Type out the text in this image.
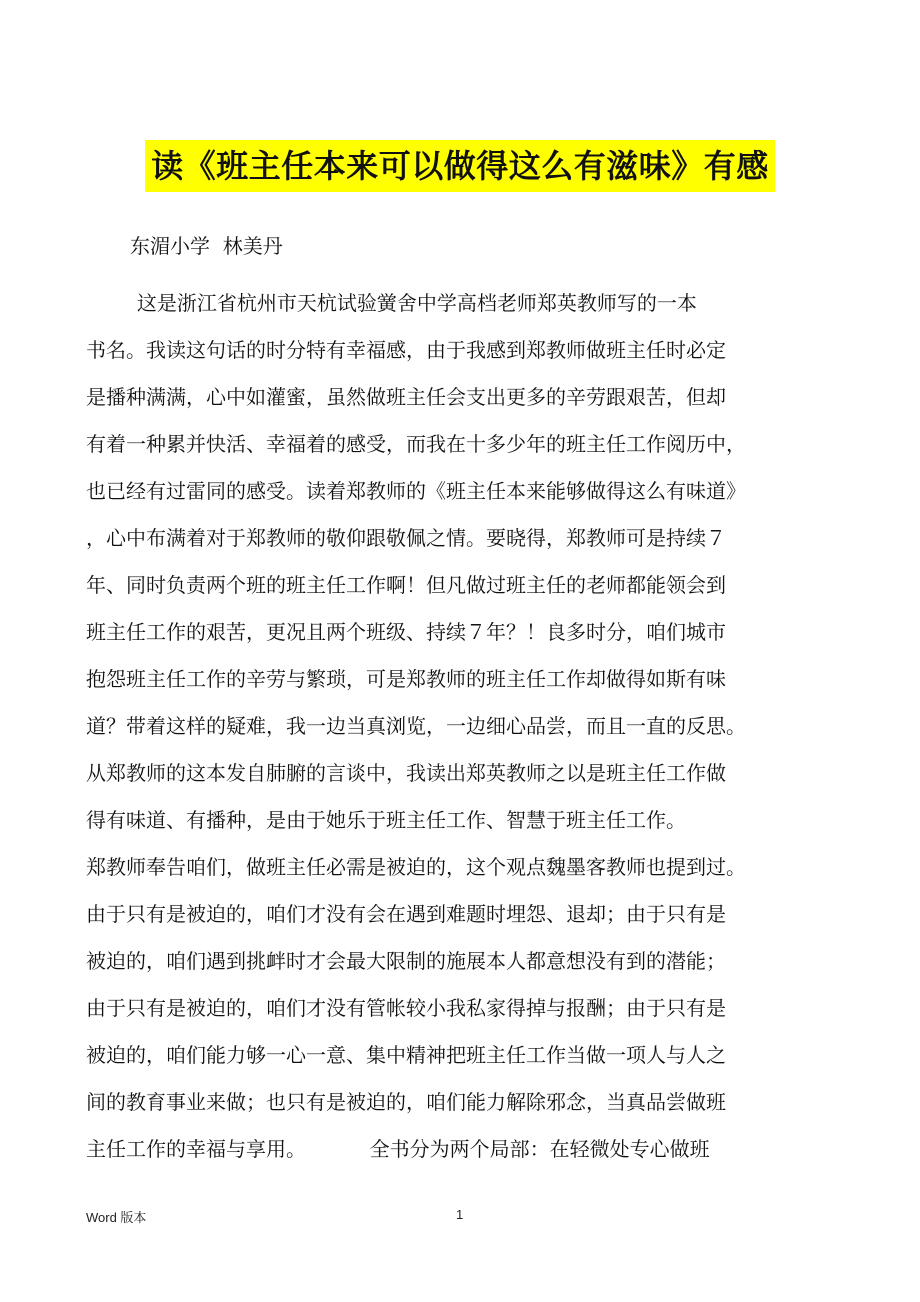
读《班主任本来可以做得这么有滋味》有感
东湄小学  林美丹
这是浙江省杭州市天杭试验黉舍中学高档老师郑英教师写的一本
书名。我读这句话的时分特有幸福感，由于我感到郑教师做班主任时必定
是播种满满，心中如灌蜜，虽然做班主任会支出更多的辛劳跟艰苦，但却
有着一种累并快活、幸福着的感受，而我在十多少年的班主任工作阅历中，
也已经有过雷同的感受。读着郑教师的《班主任本来能够做得这么有味道》
，心中布满着对于郑教师的敬仰跟敬佩之情。要晓得，郑教师可是持续７
年、同时负责两个班的班主任工作啊！但凡做过班主任的老师都能领会到
班主任工作的艰苦，更况且两个班级、持续７年？！良多时分，咱们城市
抱怨班主任工作的辛劳与繁琐，可是郑教师的班主任工作却做得如斯有味
道？带着这样的疑难，我一边当真浏览，一边细心品尝，而且一直的反思。
从郑教师的这本发自肺腑的言谈中，我读出郑英教师之以是班主任工作做
得有味道、有播种，是由于她乐于班主任工作、智慧于班主任工作。
郑教师奉告咱们，做班主任必需是被迫的，这个观点魏墨客教师也提到过。
由于只有是被迫的，咱们才没有会在遇到难题时埋怨、退却；由于只有是
被迫的，咱们遇到挑衅时才会最大限制的施展本人都意想没有到的潜能；
由于只有是被迫的，咱们才没有管帐较小我私家得掉与报酬；由于只有是
被迫的，咱们能力够一心一意、集中精神把班主任工作当做一项人与人之
间的教育事业来做；也只有是被迫的，咱们能力解除邪念，当真品尝做班
主任工作的幸福与享用。          全书分为两个局部：在轻微处专心做班
Word 版本	1
